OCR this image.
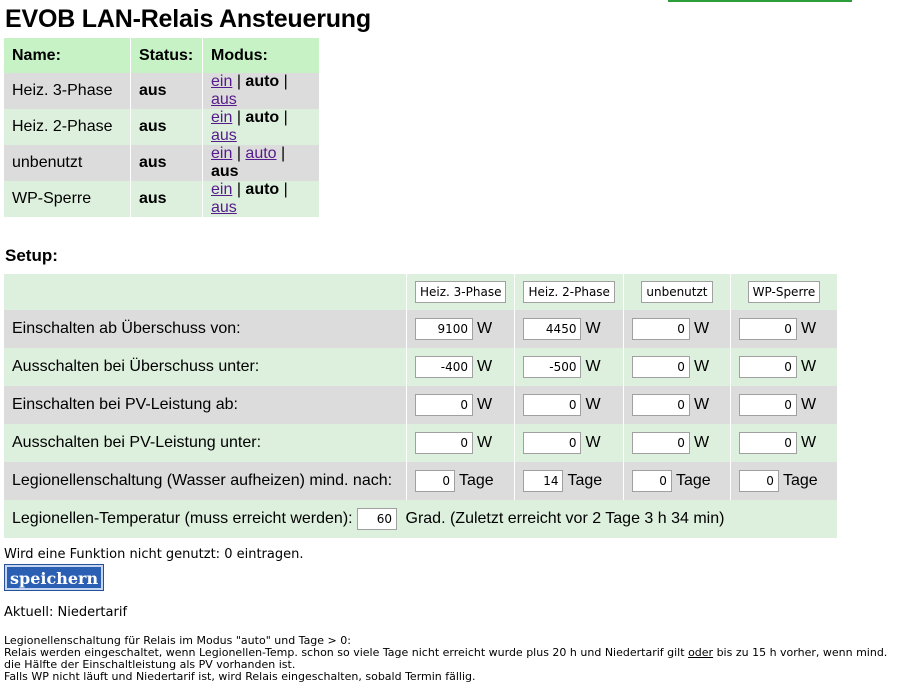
EVOB LAN-Relais Ansteuerung
Name:	Status:	Modus:
Heiz. 3-Phase	aus	ein | auto | aus
Heiz. 2-Phase	aus	ein | auto | aus
unbenutzt	aus	ein | auto | aus
WP-Sperre	aus	ein | auto | aus
Setup:
	Heiz. 3-Phase	Heiz. 2-Phase	unbenutzt	WP-Sperre
Einschalten ab Überschuss von:	9100 W	4450 W	0 W	0 W
Ausschalten bei Überschuss unter:	-400 W	-500 W	0 W	0 W
Einschalten bei PV-Leistung ab:	0 W	0 W	0 W	0 W
Ausschalten bei PV-Leistung unter:	0 W	0 W	0 W	0 W
Legionellenschaltung (Wasser aufheizen) mind. nach:	0 Tage	14 Tage	0 Tage	0 Tage
Legionellen-Temperatur (muss erreicht werden): 60 Grad. (Zuletzt erreicht vor 2 Tage 3 h 34 min)				

Wird eine Funktion nicht genutzt: 0 eintragen.

speichern
Aktuell: Niedertarif

Legionellenschaltung für Relais im Modus "auto" und Tage > 0:

Relais werden eingeschaltet, wenn Legionellen-Temp. schon so viele Tage nicht erreicht wurde plus 20 h und Niedertarif gilt oder bis zu 15 h vorher, wenn mind.

die Hälfte der Einschaltleistung als PV vorhanden ist.

Falls WP nicht läuft und Niedertarif ist, wird Relais eingeschalten, sobald Termin fällig.
